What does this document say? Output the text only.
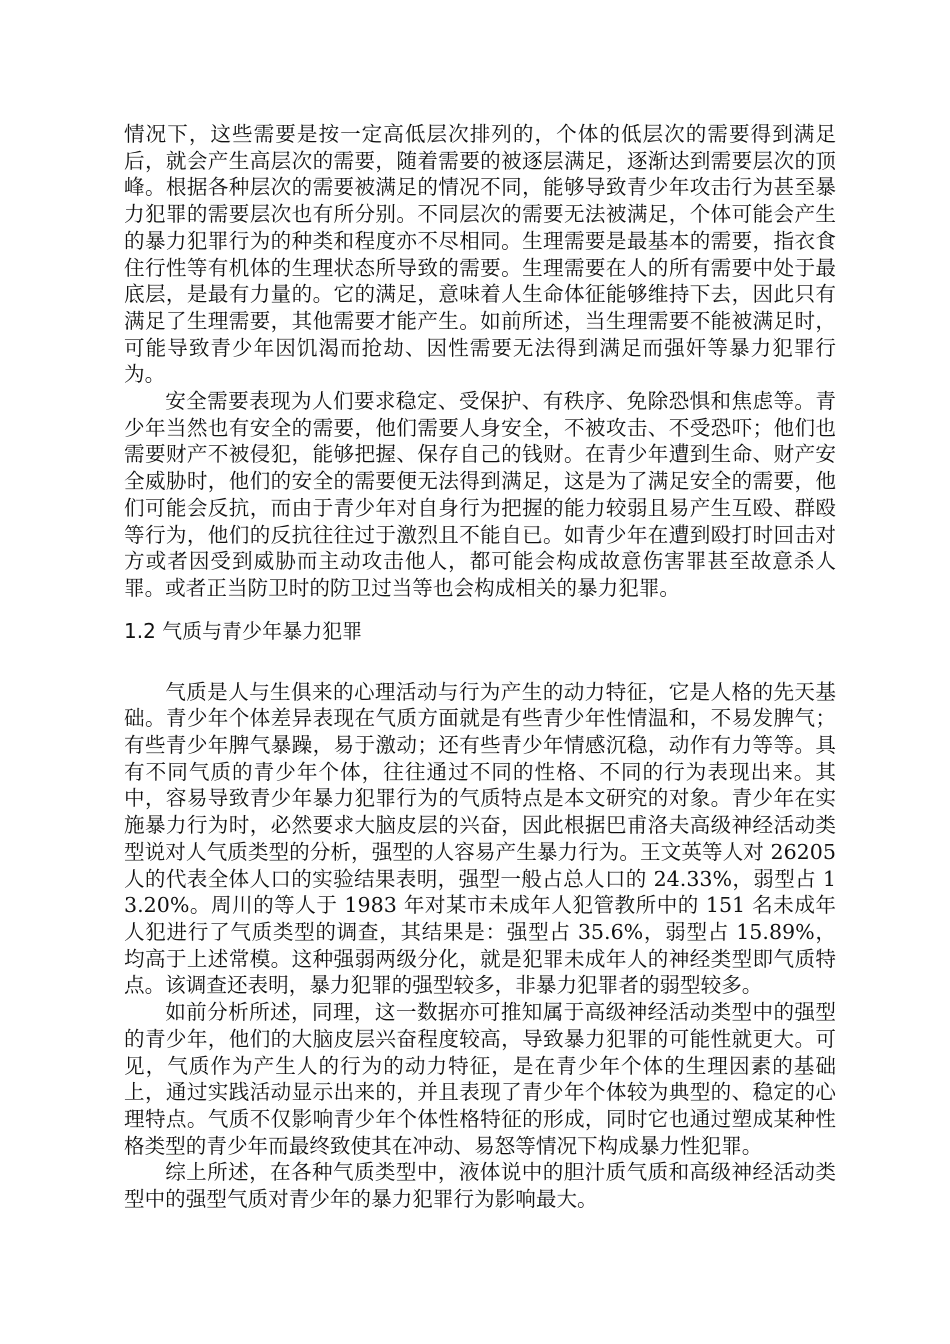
情况下，这些需要是按一定高低层次排列的，个体的低层次的需要得到满足后，就会产生高层次的需要，随着需要的被逐层满足，逐渐达到需要层次的顶峰。根据各种层次的需要被满足的情况不同，能够导致青少年攻击行为甚至暴力犯罪的需要层次也有所分别。不同层次的需要无法被满足，个体可能会产生的暴力犯罪行为的种类和程度亦不尽相同。生理需要是最基本的需要，指衣食住行性等有机体的生理状态所导致的需要。生理需要在人的所有需要中处于最底层，是最有力量的。它的满足，意味着人生命体征能够维持下去，因此只有满足了生理需要，其他需要才能产生。如前所述，当生理需要不能被满足时，可能导致青少年因饥渴而抢劫、因性需要无法得到满足而强奸等暴力犯罪行为。

安全需要表现为人们要求稳定、受保护、有秩序、免除恐惧和焦虑等。青少年当然也有安全的需要，他们需要人身安全，不被攻击、不受恐吓；他们也需要财产不被侵犯，能够把握、保存自己的钱财。在青少年遭到生命、财产安全威胁时，他们的安全的需要便无法得到满足，这是为了满足安全的需要，他们可能会反抗，而由于青少年对自身行为把握的能力较弱且易产生互殴、群殴等行为，他们的反抗往往过于激烈且不能自已。如青少年在遭到殴打时回击对方或者因受到威胁而主动攻击他人，都可能会构成故意伤害罪甚至故意杀人罪。或者正当防卫时的防卫过当等也会构成相关的暴力犯罪。

1.2 气质与青少年暴力犯罪

气质是人与生俱来的心理活动与行为产生的动力特征，它是人格的先天基础。青少年个体差异表现在气质方面就是有些青少年性情温和，不易发脾气；有些青少年脾气暴躁，易于激动；还有些青少年情感沉稳，动作有力等等。具有不同气质的青少年个体，往往通过不同的性格、不同的行为表现出来。其中，容易导致青少年暴力犯罪行为的气质特点是本文研究的对象。青少年在实施暴力行为时，必然要求大脑皮层的兴奋，因此根据巴甫洛夫高级神经活动类型说对人气质类型的分析，强型的人容易产生暴力行为。王文英等人对 26205 人的代表全体人口的实验结果表明，强型一般占总人口的 24.33%，弱型占 13.20%。周川的等人于 1983 年对某市未成年人犯管教所中的 151 名未成年人犯进行了气质类型的调查，其结果是：强型占 35.6%，弱型占 15.89%，均高于上述常模。这种强弱两级分化，就是犯罪未成年人的神经类型即气质特点。该调查还表明，暴力犯罪的强型较多，非暴力犯罪者的弱型较多。

如前分析所述，同理，这一数据亦可推知属于高级神经活动类型中的强型的青少年，他们的大脑皮层兴奋程度较高，导致暴力犯罪的可能性就更大。可见，气质作为产生人的行为的动力特征，是在青少年个体的生理因素的基础上，通过实践活动显示出来的，并且表现了青少年个体较为典型的、稳定的心理特点。气质不仅影响青少年个体性格特征的形成，同时它也通过塑成某种性格类型的青少年而最终致使其在冲动、易怒等情况下构成暴力性犯罪。

综上所述，在各种气质类型中，液体说中的胆汁质气质和高级神经活动类型中的强型气质对青少年的暴力犯罪行为影响最大。
